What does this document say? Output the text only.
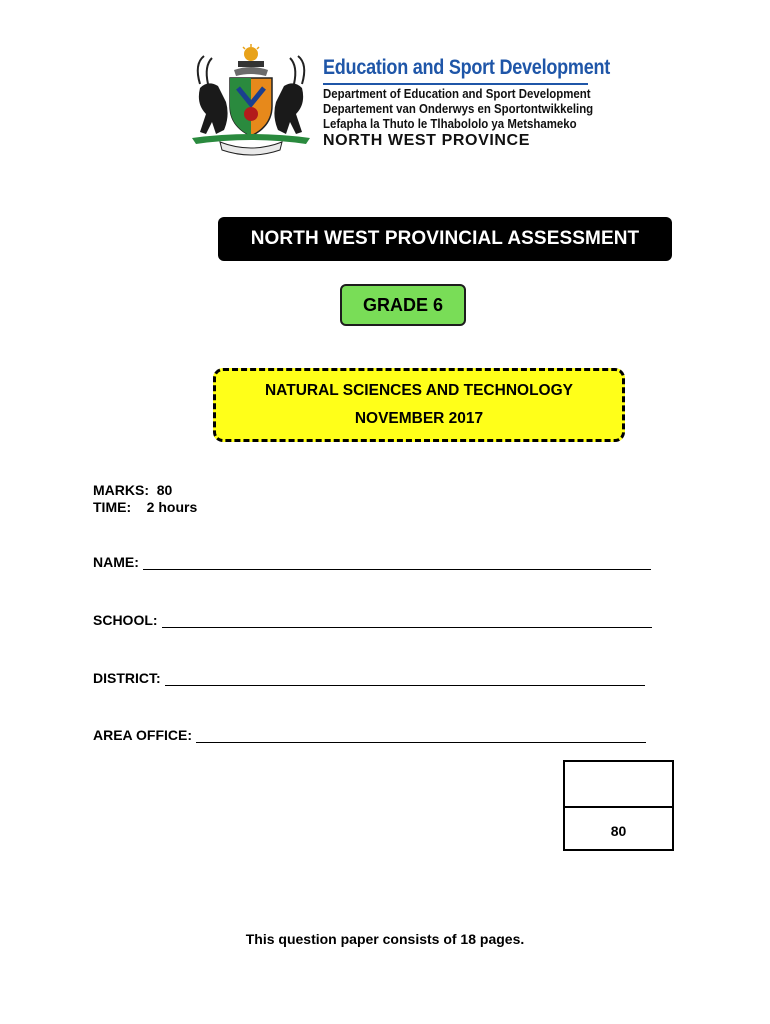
Education and Sport Development
Department of Education and Sport Development
Departement van Onderwys en Sportontwikkeling
Lefapha la Thuto le Tlhabololo ya Metshameko
NORTH WEST PROVINCE
NORTH WEST PROVINCIAL ASSESSMENT
GRADE 6
NATURAL SCIENCES AND TECHNOLOGY
NOVEMBER 2017
MARKS:  80
TIME:    2 hours
NAME:
SCHOOL:
DISTRICT:
AREA OFFICE:
80
This question paper consists of 18 pages.
